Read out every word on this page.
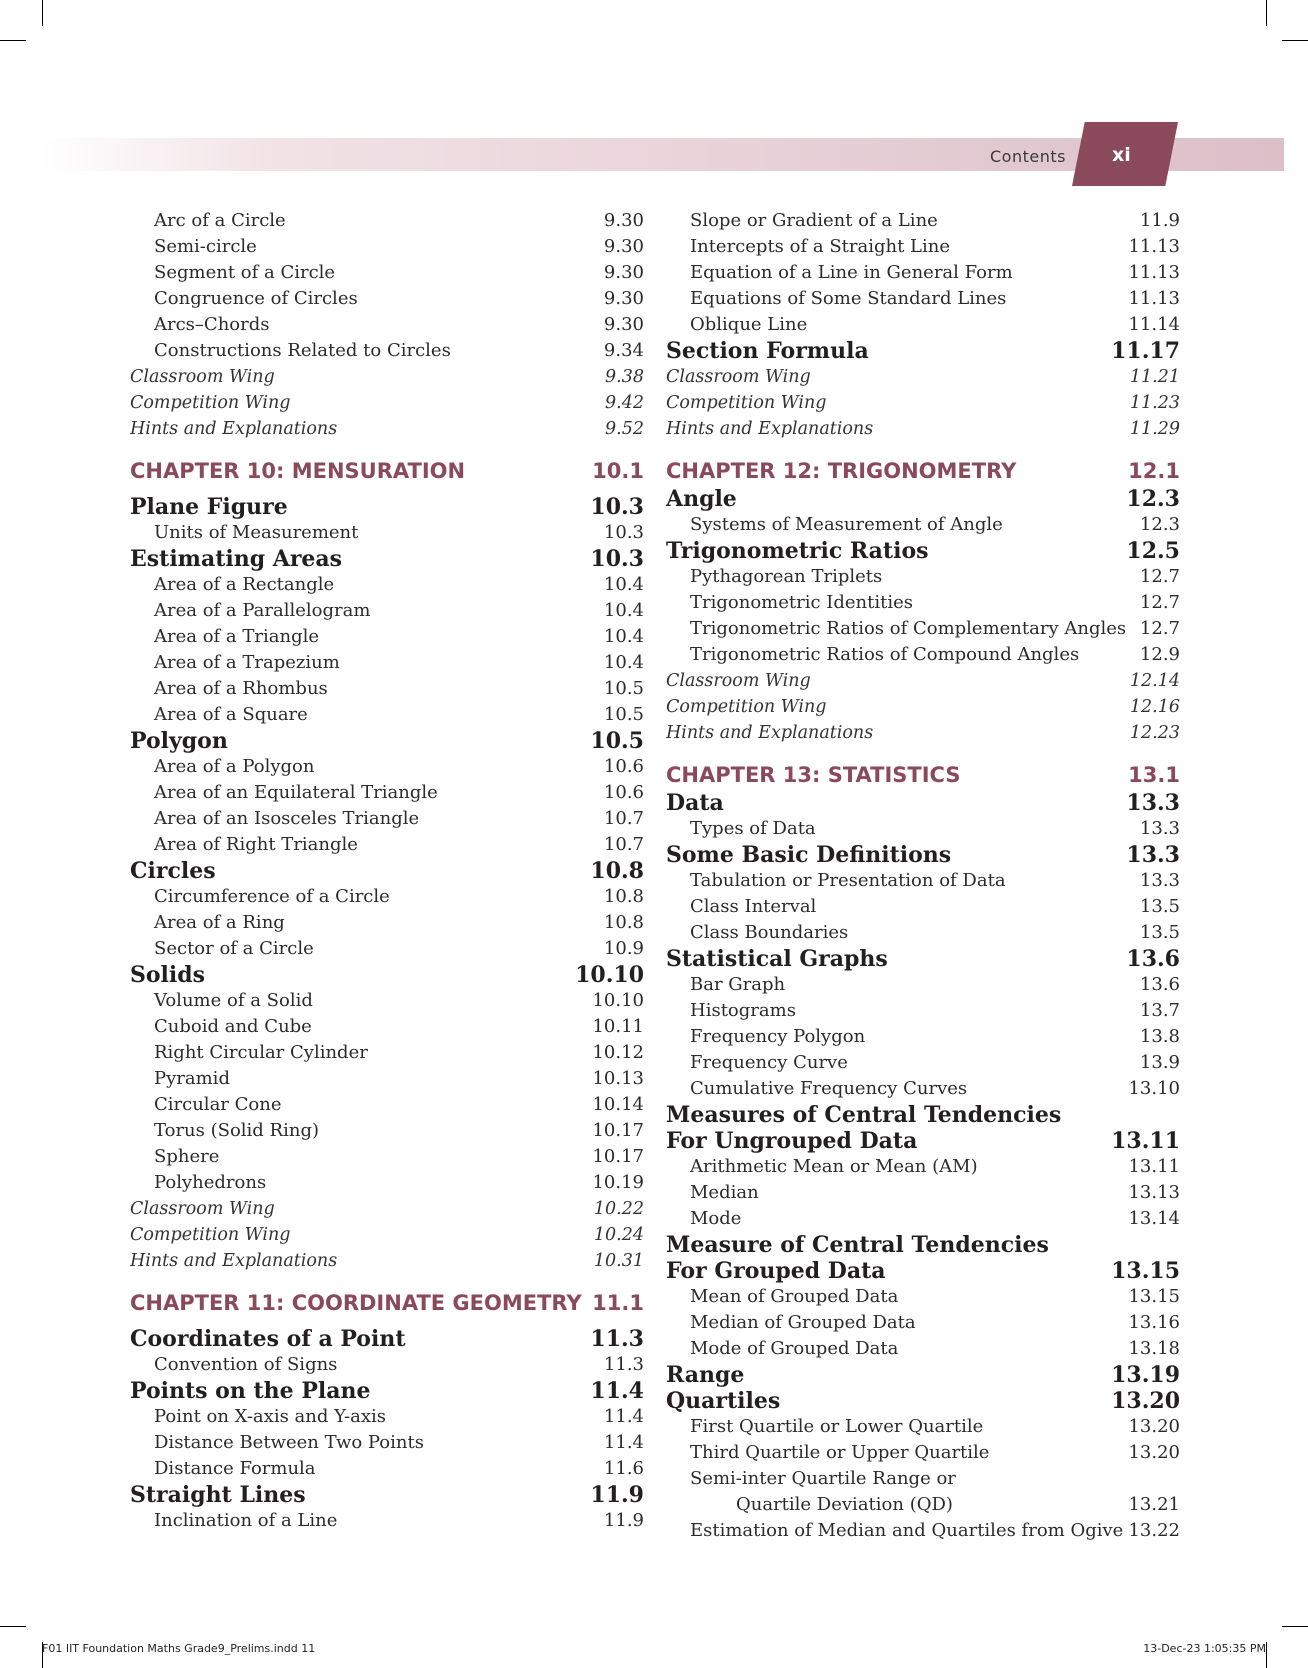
Contents xi
Arc of a Circle	9.30
Semi-circle	9.30
Segment of a Circle	9.30
Congruence of Circles	9.30
Arcs–Chords	9.30
Constructions Related to Circles	9.34
Classroom Wing	9.38
Competition Wing	9.42
Hints and Explanations	9.52
CHAPTER 10: MENSURATION	10.1
Plane Figure	10.3
Units of Measurement	10.3
Estimating Areas	10.3
Area of a Rectangle	10.4
Area of a Parallelogram	10.4
Area of a Triangle	10.4
Area of a Trapezium	10.4
Area of a Rhombus	10.5
Area of a Square	10.5
Polygon	10.5
Area of a Polygon	10.6
Area of an Equilateral Triangle	10.6
Area of an Isosceles Triangle	10.7
Area of Right Triangle	10.7
Circles	10.8
Circumference of a Circle	10.8
Area of a Ring	10.8
Sector of a Circle	10.9
Solids	10.10
Volume of a Solid	10.10
Cuboid and Cube	10.11
Right Circular Cylinder	10.12
Pyramid	10.13
Circular Cone	10.14
Torus (Solid Ring)	10.17
Sphere	10.17
Polyhedrons	10.19
Classroom Wing	10.22
Competition Wing	10.24
Hints and Explanations	10.31
CHAPTER 11: COORDINATE GEOMETRY 11.1
Coordinates of a Point	11.3
Convention of Signs	11.3
Points on the Plane	11.4
Point on X-axis and Y-axis	11.4
Distance Between Two Points	11.4
Distance Formula	11.6
Straight Lines	11.9
Inclination of a Line	11.9
Slope or Gradient of a Line	11.9
Intercepts of a Straight Line	11.13
Equation of a Line in General Form	11.13
Equations of Some Standard Lines	11.13
Oblique Line	11.14
Section Formula	11.17
Classroom Wing	11.21
Competition Wing	11.23
Hints and Explanations	11.29
CHAPTER 12: TRIGONOMETRY	12.1
Angle	12.3
Systems of Measurement of Angle	12.3
Trigonometric Ratios	12.5
Pythagorean Triplets	12.7
Trigonometric Identities	12.7
Trigonometric Ratios of Complementary Angles 12.7
Trigonometric Ratios of Compound Angles	12.9
Classroom Wing	12.14
Competition Wing	12.16
Hints and Explanations	12.23
CHAPTER 13: STATISTICS	13.1
Data	13.3
Types of Data	13.3
Some Basic Definitions	13.3
Tabulation or Presentation of Data	13.3
Class Interval	13.5
Class Boundaries	13.5
Statistical Graphs	13.6
Bar Graph	13.6
Histograms	13.7
Frequency Polygon	13.8
Frequency Curve	13.9
Cumulative Frequency Curves	13.10
Measures of Central Tendencies
For Ungrouped Data	13.11
Arithmetic Mean or Mean (AM)	13.11
Median	13.13
Mode	13.14
Measure of Central Tendencies
For Grouped Data	13.15
Mean of Grouped Data	13.15
Median of Grouped Data	13.16
Mode of Grouped Data	13.18
Range	13.19
Quartiles	13.20
First Quartile or Lower Quartile	13.20
Third Quartile or Upper Quartile	13.20
Semi-inter Quartile Range or
Quartile Deviation (QD)	13.21
Estimation of Median and Quartiles from Ogive 13.22
F01 IIT Foundation Maths Grade9_Prelims.indd 11	13-Dec-23 1:05:35 PM
